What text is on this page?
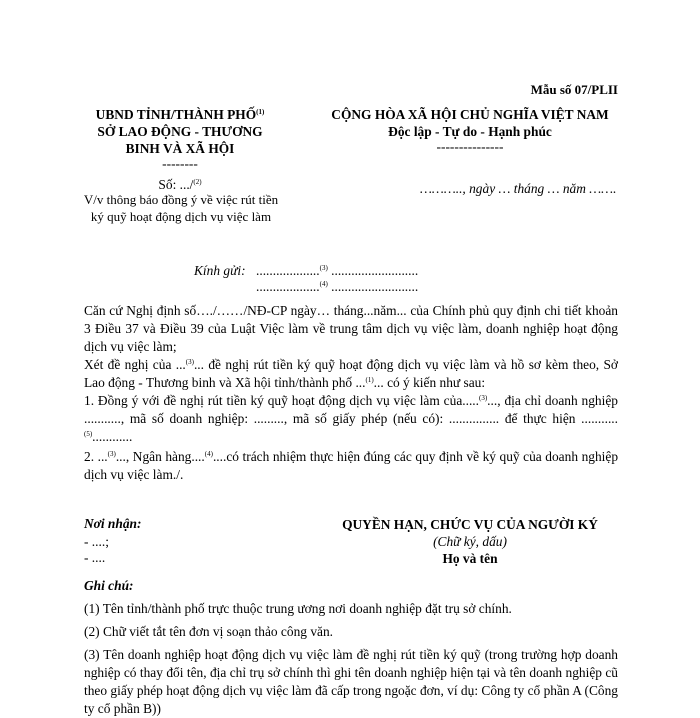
Mẫu số 07/PLII
UBND TỈNH/THÀNH PHỐ$^{(1)}$
SỞ LAO ĐỘNG - THƯƠNG
BINH VÀ XÃ HỘI
--------
Số: .../$^{(2)}$
V/v thông báo đồng ý về việc rút tiền
ký quỹ hoạt động dịch vụ việc làm
CỘNG HÒA XÃ HỘI CHỦ NGHĨA VIỆT NAM
Độc lập - Tự do - Hạnh phúc
---------------
……….., ngày … tháng … năm …….
Kính gửi: ...................$^{(3)}$ ..........................
...................$^{(4)}$ ..........................
Căn cứ Nghị định số…./……/NĐ-CP ngày… tháng...năm... của Chính phủ quy định chi tiết khoản 3 Điều 37 và Điều 39 của Luật Việc làm về trung tâm dịch vụ việc làm, doanh nghiệp hoạt động dịch vụ việc làm;
Xét đề nghị của ...$^{(3)}$... đề nghị rút tiền ký quỹ hoạt động dịch vụ việc làm và hồ sơ kèm theo, Sở Lao động - Thương binh và Xã hội tỉnh/thành phố ...$^{(1)}$... có ý kiến như sau:
1. Đồng ý với đề nghị rút tiền ký quỹ hoạt động dịch vụ việc làm của.....$^{(3)}$..., địa chỉ doanh nghiệp ..........., mã số doanh nghiệp: ........., mã số giấy phép (nếu có): ............... để thực hiện ...........$^{(5)}$............
2. ...$^{(3)}$..., Ngân hàng....$^{(4)}$....có trách nhiệm thực hiện đúng các quy định về ký quỹ của doanh nghiệp dịch vụ việc làm./.
Nơi nhận:
- ....;
- ....
QUYỀN HẠN, CHỨC VỤ CỦA NGƯỜI KÝ
(Chữ ký, dấu)
Họ và tên
Ghi chú:
(1) Tên tỉnh/thành phố trực thuộc trung ương nơi doanh nghiệp đặt trụ sở chính.
(2) Chữ viết tắt tên đơn vị soạn thảo công văn.
(3) Tên doanh nghiệp hoạt động dịch vụ việc làm đề nghị rút tiền ký quỹ (trong trường hợp doanh nghiệp có thay đổi tên, địa chỉ trụ sở chính thì ghi tên doanh nghiệp hiện tại và tên doanh nghiệp cũ theo giấy phép hoạt động dịch vụ việc làm đã cấp trong ngoặc đơn, ví dụ: Công ty cổ phần A (Công ty cổ phần B))
